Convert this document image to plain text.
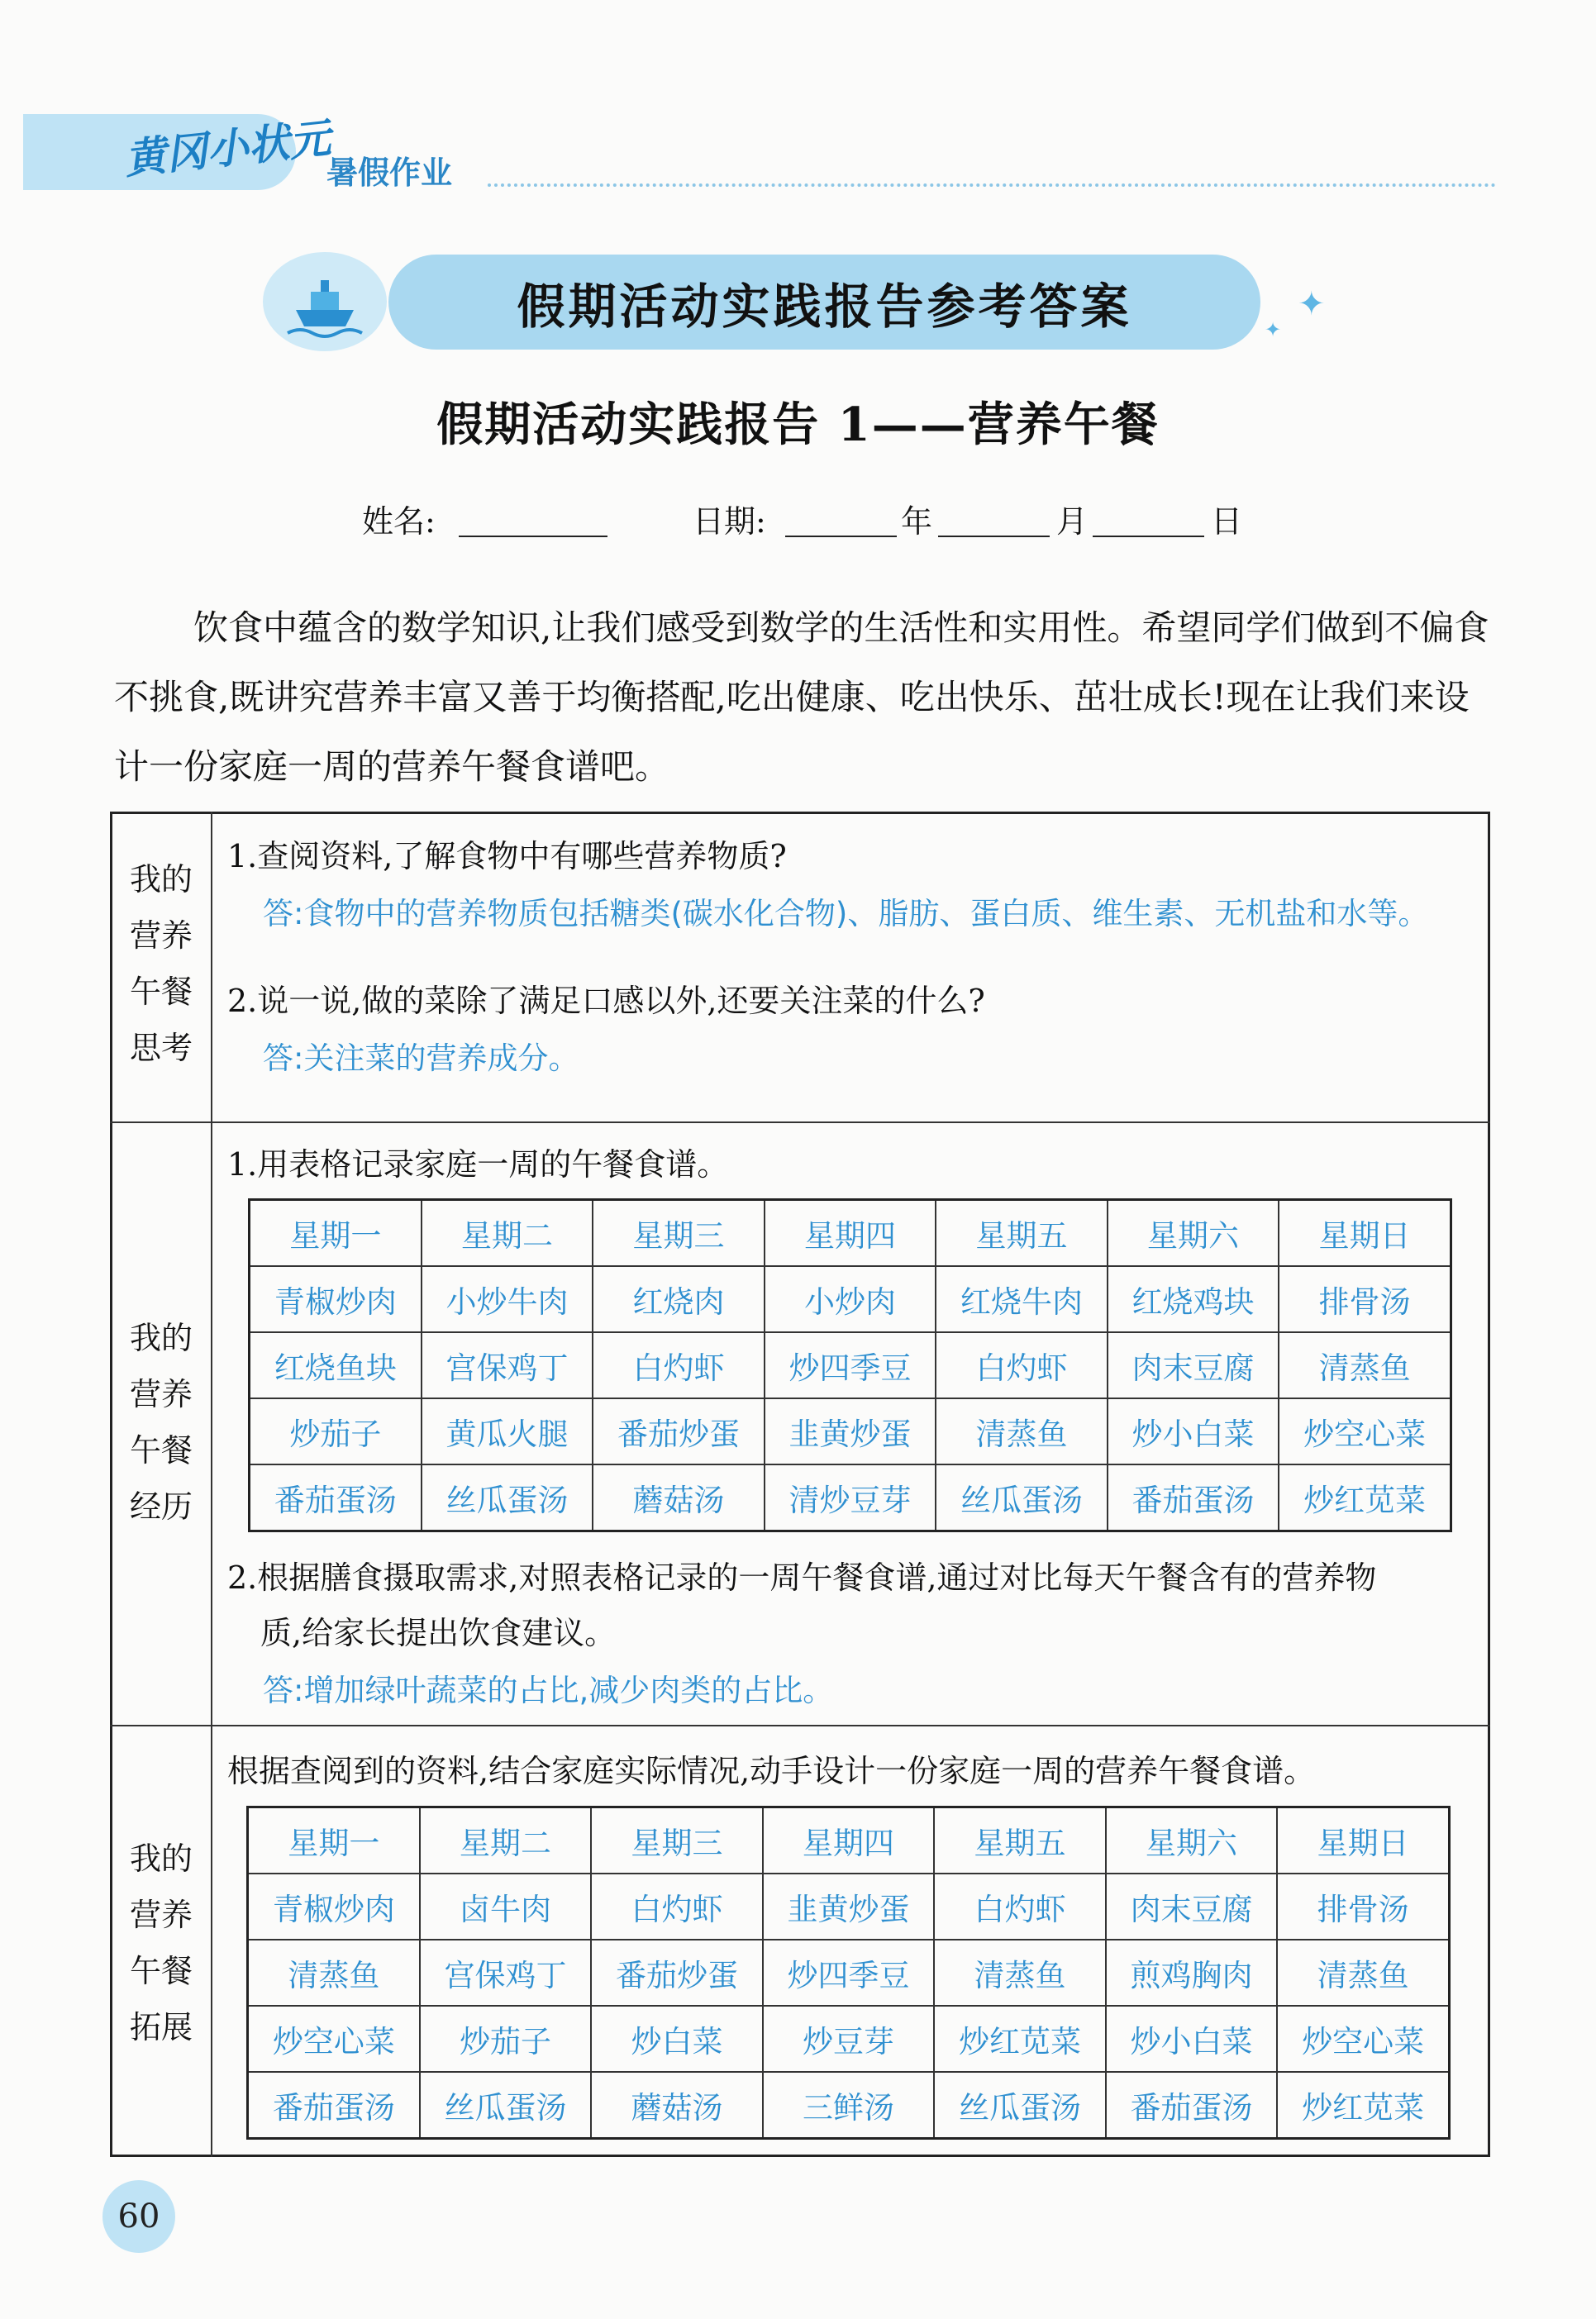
黄冈小状元
暑假作业
假期活动实践报告参考答案	✦
✦
假期活动实践报告 1——营养午餐
姓名:	日期:	年	月	日
饮食中蕴含的数学知识,让我们感受到数学的生活性和实用性。希望同学们做到不偏食不挑食,既讲究营养丰富又善于均衡搭配,吃出健康、吃出快乐、茁壮成长!现在让我们来设计一份家庭一周的营养午餐食谱吧。
我的
营养
午餐
思考
1.查阅资料,了解食物中有哪些营养物质?
答:食物中的营养物质包括糖类(碳水化合物)、脂肪、蛋白质、维生素、无机盐和水等。
2.说一说,做的菜除了满足口感以外,还要关注菜的什么?
答:关注菜的营养成分。
我的
营养
午餐
经历
1.用表格记录家庭一周的午餐食谱。
星期一	星期二	星期三	星期四	星期五	星期六	星期日
青椒炒肉	小炒牛肉	红烧肉	小炒肉	红烧牛肉	红烧鸡块	排骨汤
红烧鱼块	宫保鸡丁	白灼虾	炒四季豆	白灼虾	肉末豆腐	清蒸鱼
炒茄子	黄瓜火腿	番茄炒蛋	韭黄炒蛋	清蒸鱼	炒小白菜	炒空心菜
番茄蛋汤	丝瓜蛋汤	蘑菇汤	清炒豆芽	丝瓜蛋汤	番茄蛋汤	炒红苋菜
2.根据膳食摄取需求,对照表格记录的一周午餐食谱,通过对比每天午餐含有的营养物
质,给家长提出饮食建议。
答:增加绿叶蔬菜的占比,减少肉类的占比。
我的
营养
午餐
拓展
根据查阅到的资料,结合家庭实际情况,动手设计一份家庭一周的营养午餐食谱。
星期一	星期二	星期三	星期四	星期五	星期六	星期日
青椒炒肉	卤牛肉	白灼虾	韭黄炒蛋	白灼虾	肉末豆腐	排骨汤
清蒸鱼	宫保鸡丁	番茄炒蛋	炒四季豆	清蒸鱼	煎鸡胸肉	清蒸鱼
炒空心菜	炒茄子	炒白菜	炒豆芽	炒红苋菜	炒小白菜	炒空心菜
番茄蛋汤	丝瓜蛋汤	蘑菇汤	三鲜汤	丝瓜蛋汤	番茄蛋汤	炒红苋菜
60
